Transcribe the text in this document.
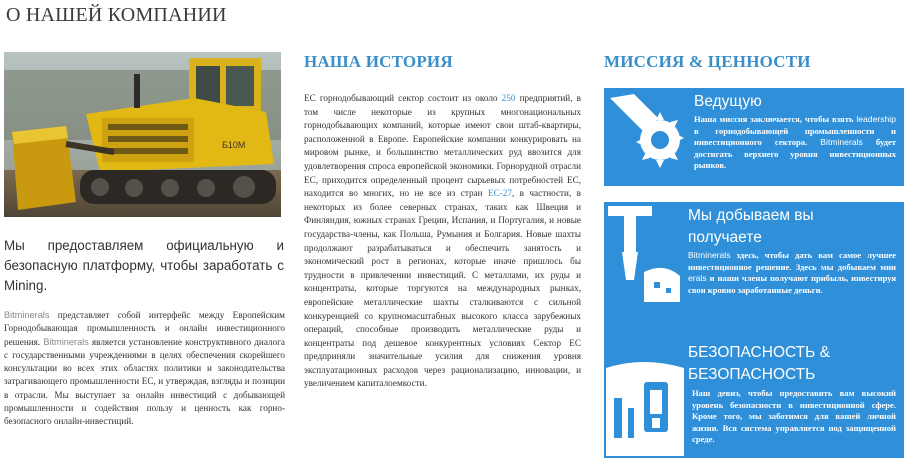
О НАШЕЙ КОМПАНИИ
Б10М

Мы предоставляем официальную и безопасную платформу, чтобы заработать с Mining.

Bitminerals представляет собой интерфейс между Европейским Горнодобывающая промышленность и онлайн инвестиционного решения. Bitminerals является установление конструктивного диалога с государственными учреждениями в целях обеспечения скорейшего консультации во всех этих областях политики и законодательства затрагивающего промышленности ЕС, и утверждая, взгляды и позиции в отрасли. Мы выступает за онлайн инвестиций с добывающей промышленности и содействия пользу и ценность как горно-безопасного онлайн-инвестиций.

НАША ИСТОРИЯ

ЕС горнодобывающий сектор состоит из около 250 предприятий, в том числе некоторые из крупных многонациональных горнодобывающих компаний, которые имеют свои штаб-квартиры, расположенной в Европе. Европейские компании конкурировать на мировом рынке, и большинство металлических руд ввозится для удовлетворения спроса европейской экономики. Горнорудной отрасли ЕС, приходится определенный процент сырьевых потребностей ЕС, находится во многих, но не все из стран ЕС-27, в частности, в некоторых из более северных странах, таких как Швеция и Финляндия, южных странах Греции, Испания, и Португалия, и новые государства-члены, как Польша, Румыния и Болгария. Новые шахты продолжают разрабатываться и обеспечить занятость и экономический рост в регионах, которые иначе пришлось бы трудности в привлечении инвестиций. С металлами, их руды и концентраты, которые торгуются на международных рынках, европейские металлические шахты сталкиваются с сильной конкуренцией со крупномасштабных высокого класса зарубежных операций, способные производить металлические руды и концентраты под дешевое конкурентных условиях Сектор ЕС предприняли значительные усилия для снижения уровня эксплуатационных расходов через рационализацию, инновации, и увеличением капиталоемкости.

МИССИЯ & ЦЕННОСТИ
Ведущую

Наша миссия заключается, чтобы взять leadership в горнодобывающей промышленности и инвестиционного сектора. Bitminerals будет достигать верхнего уровня инвестиционных рынков.

Мы добываем вы получаете

Bitminerals здесь, чтобы дать вам самое лучшее инвестиционное решение. Здесь мы добываем мин erals и наши члены получают прибыль, инвестируя свои кровно заработанные деньги.

БЕЗОПАСНОСТЬ & БЕЗОПАСНОСТЬ

Наш девиз, чтобы предоставить вам высокий уровень безопасности в инвестиционной сфере. Кроме того, мы заботимся для вашей личной жизни. Вся система управляется под защищенной среде.
